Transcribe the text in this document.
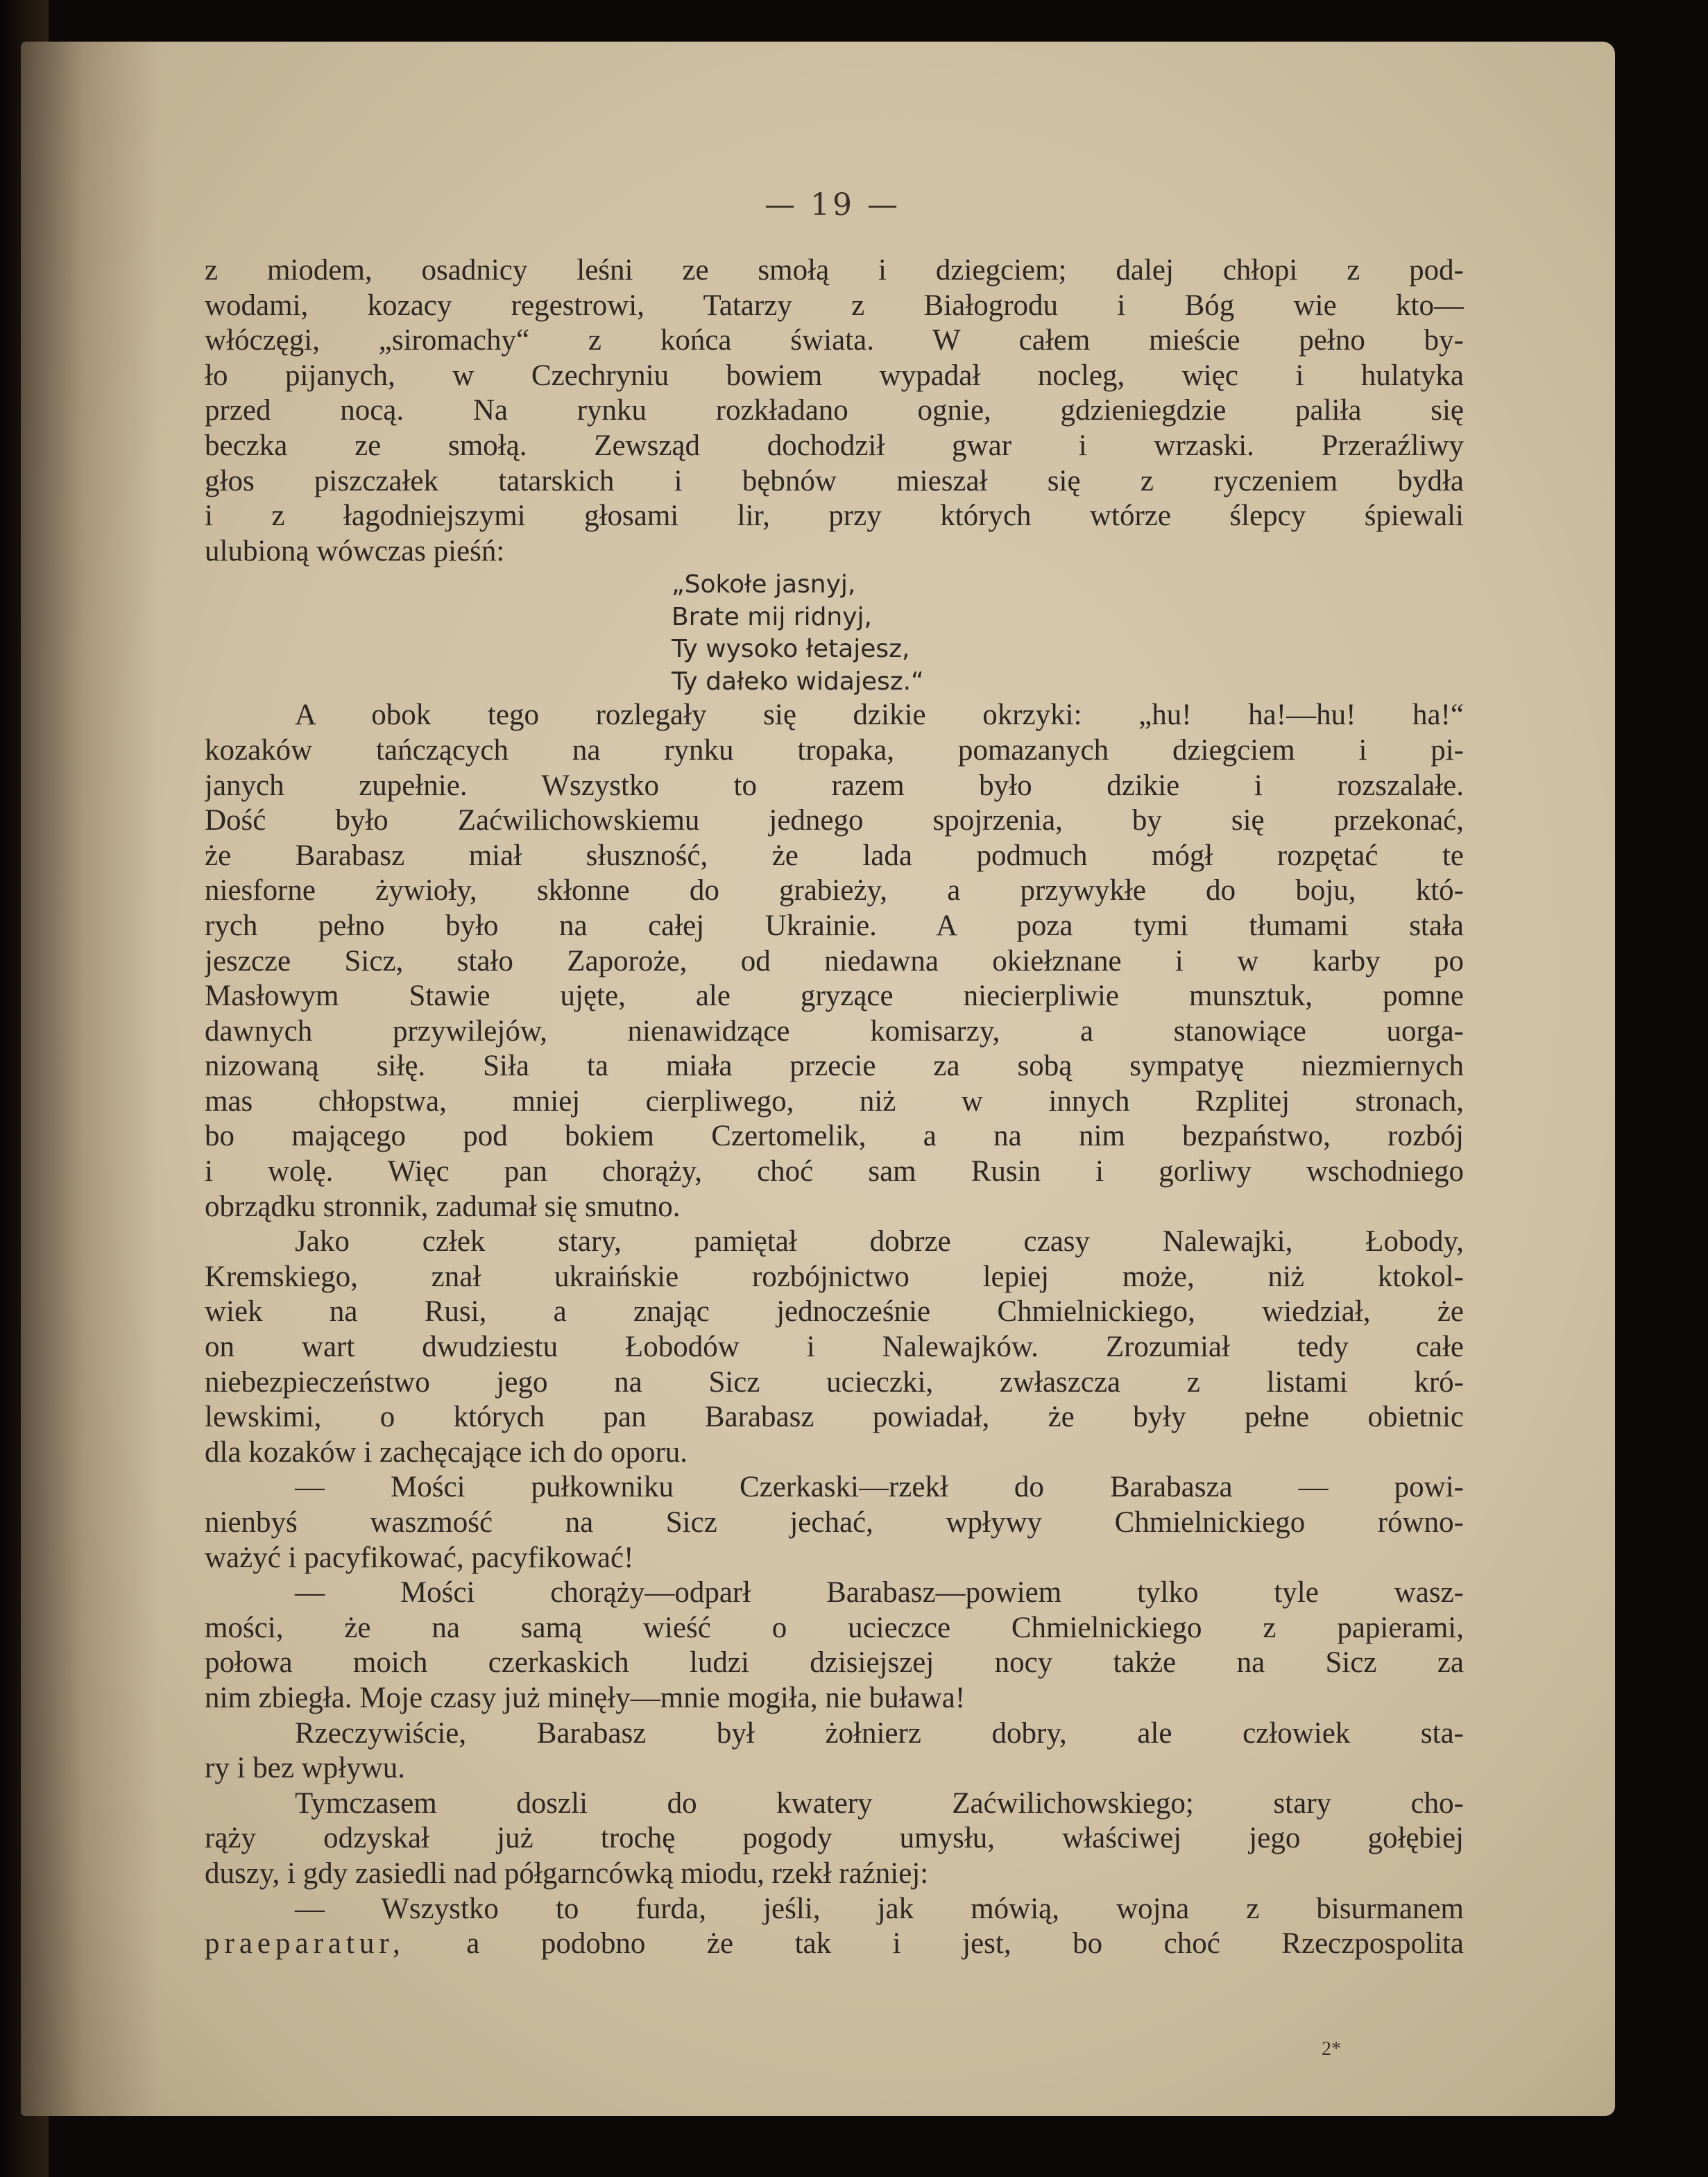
— 19 —
z miodem, osadnicy leśni ze smołą i dziegciem; dalej chłopi z pod-
wodami, kozacy regestrowi, Tatarzy z Białogrodu i Bóg wie kto—
włóczęgi, „siromachy“ z końca świata. W całem mieście pełno by-
ło pijanych, w Czechryniu bowiem wypadał nocleg, więc i hulatyka
przed nocą. Na rynku rozkładano ognie, gdzieniegdzie paliła się
beczka ze smołą. Zewsząd dochodził gwar i wrzaski. Przeraźliwy
głos piszczałek tatarskich i bębnów mieszał się z ryczeniem bydła
i z łagodniejszymi głosami lir, przy których wtórze ślepcy śpiewali
ulubioną wówczas pieśń:
„Sokołe jasnyj,
Brate mij ridnyj,
Ty wysoko łetajesz,
Ty dałeko widajesz.“
A obok tego rozlegały się dzikie okrzyki: „hu! ha!—hu! ha!“
kozaków tańczących na rynku tropaka, pomazanych dziegciem i pi-
janych zupełnie. Wszystko to razem było dzikie i rozszalałe.
Dość było Zaćwilichowskiemu jednego spojrzenia, by się przekonać,
że Barabasz miał słuszność, że lada podmuch mógł rozpętać te
niesforne żywioły, skłonne do grabieży, a przywykłe do boju, któ-
rych pełno było na całej Ukrainie. A poza tymi tłumami stała
jeszcze Sicz, stało Zaporoże, od niedawna okiełznane i w karby po
Masłowym Stawie ujęte, ale gryzące niecierpliwie munsztuk, pomne
dawnych przywilejów, nienawidzące komisarzy, a stanowiące uorga-
nizowaną siłę. Siła ta miała przecie za sobą sympatyę niezmiernych
mas chłopstwa, mniej cierpliwego, niż w innych Rzplitej stronach,
bo mającego pod bokiem Czertomelik, a na nim bezpaństwo, rozbój
i wolę. Więc pan chorąży, choć sam Rusin i gorliwy wschodniego
obrządku stronnik, zadumał się smutno.
Jako człek stary, pamiętał dobrze czasy Nalewajki, Łobody,
Kremskiego, znał ukraińskie rozbójnictwo lepiej może, niż ktokol-
wiek na Rusi, a znając jednocześnie Chmielnickiego, wiedział, że
on wart dwudziestu Łobodów i Nalewajków. Zrozumiał tedy całe
niebezpieczeństwo jego na Sicz ucieczki, zwłaszcza z listami kró-
lewskimi, o których pan Barabasz powiadał, że były pełne obietnic
dla kozaków i zachęcające ich do oporu.
— Mości pułkowniku Czerkaski—rzekł do Barabasza — powi-
nienbyś waszmość na Sicz jechać, wpływy Chmielnickiego równo-
ważyć i pacyfikować, pacyfikować!
— Mości chorąży—odparł Barabasz—powiem tylko tyle wasz-
mości, że na samą wieść o ucieczce Chmielnickiego z papierami,
połowa moich czerkaskich ludzi dzisiejszej nocy także na Sicz za
nim zbiegła. Moje czasy już minęły—mnie mogiła, nie buława!
Rzeczywiście, Barabasz był żołnierz dobry, ale człowiek sta-
ry i bez wpływu.
Tymczasem doszli do kwatery Zaćwilichowskiego; stary cho-
rąży odzyskał już trochę pogody umysłu, właściwej jego gołębiej
duszy, i gdy zasiedli nad półgarncówką miodu, rzekł raźniej:
— Wszystko to furda, jeśli, jak mówią, wojna z bisurmanem
praeparatur, a podobno że tak i jest, bo choć Rzeczpospolita
2*
